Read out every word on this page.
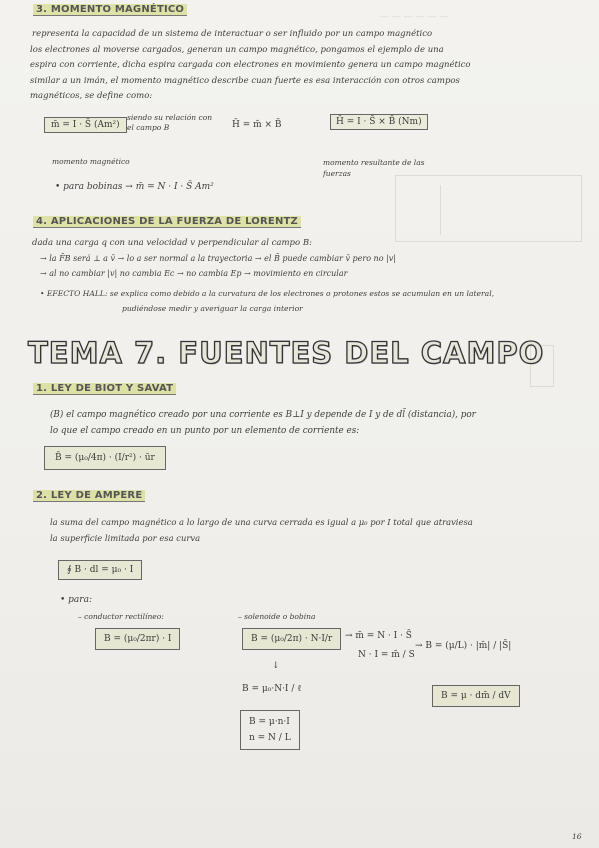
— — — — — —
3. MOMENTO MAGNÉTICO
representa la capacidad de un sistema de interactuar o ser influido por un campo magnético
los electrones al moverse cargados, generan un campo magnético, pongamos el ejemplo de una
espira con corriente, dicha espira cargada con electrones en movimiento genera un campo magnético
similar a un imán, el momento magnético describe cuan fuerte es esa interacción con otros campos
magnéticos, se define como:
m̄ = I · S̄ (Am²)
siendo su relación con el campo B	H̄ = m̄ × B̄	H̄ = I · S̄ × B̄ (Nm)
momento magnético	momento resultante de las fuerzas
• para bobinas → m̄ = N · I · S̄ Am²
4. APLICACIONES DE LA FUERZA DE LORENTZ
dada una carga q con una velocidad v perpendicular al campo B:
→ la F̄B será ⊥ a v̄ → lo a ser normal a la trayectoria → el B̄ puede cambiar v̄ pero no |v|
→ al no cambiar |v| no cambia Ec → no cambia Ep → movimiento en circular
• EFECTO HALL: se explica como debido a la curvatura de los electrones o protones estos se acumulan en un lateral,
pudiéndose medir y averiguar la carga interior
TEMA 7. FUENTES DEL CAMPO
1. LEY DE BIOT Y SAVAT
(B) el campo magnético creado por una corriente es B⊥I y depende de I y de dl̄ (distancia), por
lo que el campo creado en un punto por un elemento de corriente es:
B̄ = (μ₀/4π) · (I/r²) · ūr
2. LEY DE AMPERE
la suma del campo magnético a lo largo de una curva cerrada es igual a μ₀ por I total que atraviesa
la superficie limitada por esa curva
∮ B · dl = μ₀ · I
• para:
– conductor rectilíneo:
B = (μ₀/2πr) · I
– solenoide o bobina
B = (μ₀/2π) · N·I/r
↓
B = μ₀·N·I / ℓ
B = μ·n·I
n = N / L
→ m̄ = N · I · S̄
N · I = m̄ / S
→ B = (μ/L) · |m̄| / |S̄|
B = μ · dm̄ / dV
16
